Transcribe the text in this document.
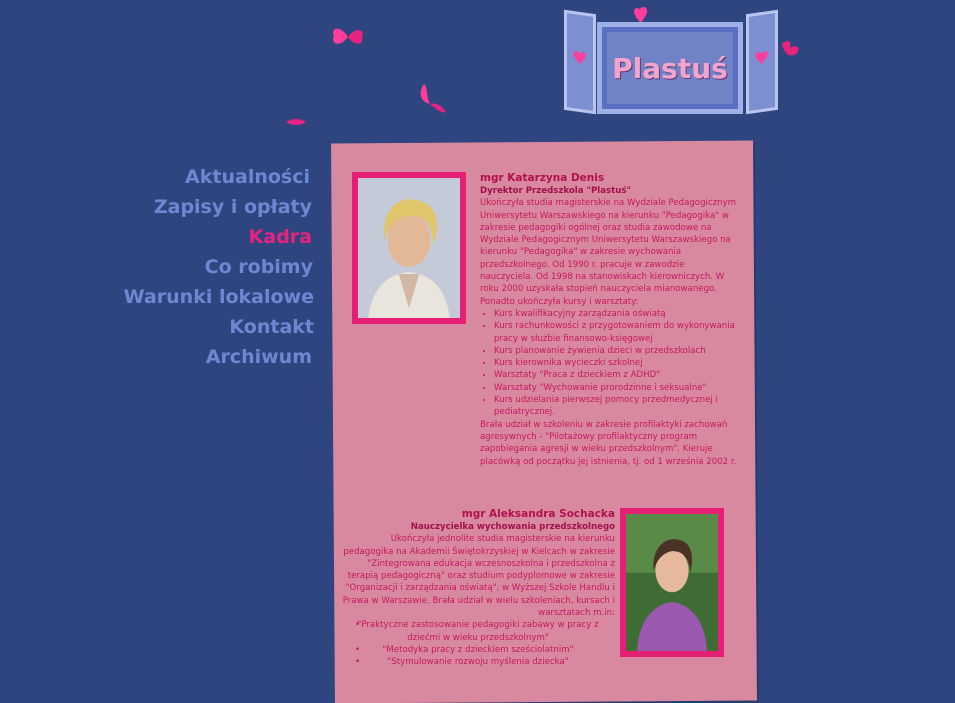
♥ Plastuś ♥
Aktualności
Zapisy i opłaty
Kadra
Co robimy
Warunki lokalowe
Kontakt
Archiwum
mgr Katarzyna Denis
Dyrektor Przedszkola "Plastuś"
Ukończyła studia magisterskie na Wydziale Pedagogicznym Uniwersytetu Warszawskiego na kierunku "Pedagogika" w zakresie pedagogiki ogólnej oraz studia zawodowe na Wydziale Pedagogicznym Uniwersytetu Warszawskiego na kierunku "Pedagogika" w zakresie wychowania przedszkolnego. Od 1990 r. pracuje w zawodzie nauczyciela. Od 1998 na stanowiskach kierowniczych. W roku 2000 uzyskała stopień nauczyciela mianowanego. Ponadto ukończyła kursy i warsztaty:
• Kurs kwalifikacyjny zarządzania oświatą
• Kurs rachunkowości z przygotowaniem do wykonywania pracy w służbie finansowo-księgowej
• Kurs planowanie żywienia dzieci w przedszkolach
• Kurs kierownika wycieczki szkolnej
• Warsztaty "Praca z dzieckiem z ADHD"
• Warsztaty "Wychowanie prorodzinne i seksualne"
• Kurs udzielania pierwszej pomocy przedmedycznej i pediatrycznej.
Brała udział w szkoleniu w zakresie profilaktyki zachowań agresywnych - "Pilotażowy profilaktyczny program zapobiegania agresji w wieku przedszkolnym". Kieruje placówką od początku jej istnienia, tj. od 1 września 2002 r.
mgr Aleksandra Sochacka
Nauczycielka wychowania przedszkolnego
Ukończyła jednolite studia magisterskie na kierunku pedagogika na Akademii Świętokrzyskiej w Kielcach w zakresie "Zintegrowana edukacja wczesnoszkolna i przedszkolna z terapią pedagogiczną" oraz studium podyplomowe w zakresie "Organizacji i zarządzania oświatą", w Wyższej Szkole Handlu i Prawa w Warszawie. Brała udział w wielu szkoleniach, kursach i warsztatach m.in:
• "Praktyczne zastosowanie pedagogiki zabawy w pracy z dziećmi w wieku przedszkolnym"
• "Metodyka pracy z dzieckiem sześciolatnim"
• "Stymulowanie rozwoju myślenia dziecka"
